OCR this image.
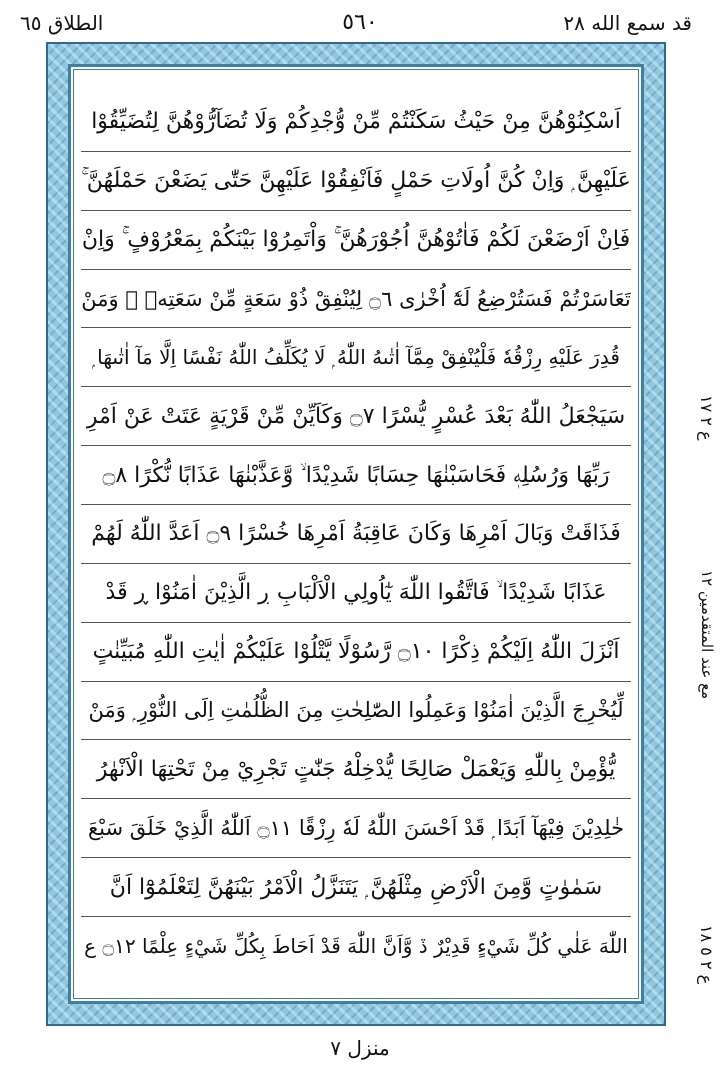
قد سمع الله ٢٨
٥٦٠
الطلاق ٦٥
اَسْكِنُوْهُنَّ مِنْ حَيْثُ سَكَنْتُمْ مِّنْ وُّجْدِكُمْ وَلَا تُضَآرُّوْهُنَّ لِتُضَيِّقُوْا
عَلَيْهِنَّ ۭ وَاِنْ كُنَّ اُولَاتِ حَمْلٍ فَاَنْفِقُوْا عَلَيْهِنَّ حَتّٰى يَضَعْنَ حَمْلَهُنَّ ۚ
فَاِنْ اَرْضَعْنَ لَكُمْ فَاٰتُوْهُنَّ اُجُوْرَهُنَّ ۚ وَاْتَمِرُوْا بَيْنَكُمْ بِمَعْرُوْفٍ ۚ وَاِنْ
تَعَاسَرْتُمْ فَسَتُرْضِعُ لَهٗٓ اُخْرٰى ۝٦ لِيُنْفِقْ ذُوْ سَعَةٍ مِّنْ سَعَتِهٖ ۭ وَمَنْ
قُدِرَ عَلَيْهِ رِزْقُهٗ فَلْيُنْفِقْ مِمَّآ اٰتٰىهُ اللّٰهُ ۭ لَا يُكَلِّفُ اللّٰهُ نَفْسًا اِلَّا مَآ اٰتٰىهَا ۭ
سَيَجْعَلُ اللّٰهُ بَعْدَ عُسْرٍ يُّسْرًا ۝٧ وَكَاَيِّنْ مِّنْ قَرْيَةٍ عَتَتْ عَنْ اَمْرِ
رَبِّهَا وَرُسُلِهٖ فَحَاسَبْنٰهَا حِسَابًا شَدِيْدًا ۙ وَّعَذَّبْنٰهَا عَذَابًا نُّكْرًا ۝٨
فَذَاقَتْ وَبَالَ اَمْرِهَا وَكَانَ عَاقِبَةُ اَمْرِهَا خُسْرًا ۝٩ اَعَدَّ اللّٰهُ لَهُمْ
عَذَابًا شَدِيْدًا ۙ فَاتَّقُوا اللّٰهَ يٰٓاُولِي الْاَلْبَابِ ڔ الَّذِيْنَ اٰمَنُوْا ڕ قَدْ
اَنْزَلَ اللّٰهُ اِلَيْكُمْ ذِكْرًا ۝١٠ رَّسُوْلًا يَّتْلُوْا عَلَيْكُمْ اٰيٰتِ اللّٰهِ مُبَيِّنٰتٍ
لِّيُخْرِجَ الَّذِيْنَ اٰمَنُوْا وَعَمِلُوا الصّٰلِحٰتِ مِنَ الظُّلُمٰتِ اِلَى النُّوْرِ ۭ وَمَنْ
يُّؤْمِنْ بِاللّٰهِ وَيَعْمَلْ صَالِحًا يُّدْخِلْهُ جَنّٰتٍ تَجْرِيْ مِنْ تَحْتِهَا الْاَنْهٰرُ
خٰلِدِيْنَ فِيْهَآ اَبَدًا ۭ قَدْ اَحْسَنَ اللّٰهُ لَهٗ رِزْقًا ۝١١ اَللّٰهُ الَّذِيْ خَلَقَ سَبْعَ
سَمٰوٰتٍ وَّمِنَ الْاَرْضِ مِثْلَهُنَّ ۭ يَتَنَزَّلُ الْاَمْرُ بَيْنَهُنَّ لِتَعْلَمُوْٓا اَنَّ
اللّٰهَ عَلٰي كُلِّ شَيْءٍ قَدِيْرٌ ڏ وَّاَنَّ اللّٰهَ قَدْ اَحَاطَ بِكُلِّ شَيْءٍ عِلْمًا ۝١٢ ع
ع ٢ ١٧
مع عند المتقدمين ١٢
ع ٢ ٥ ١٨
منزل ٧
